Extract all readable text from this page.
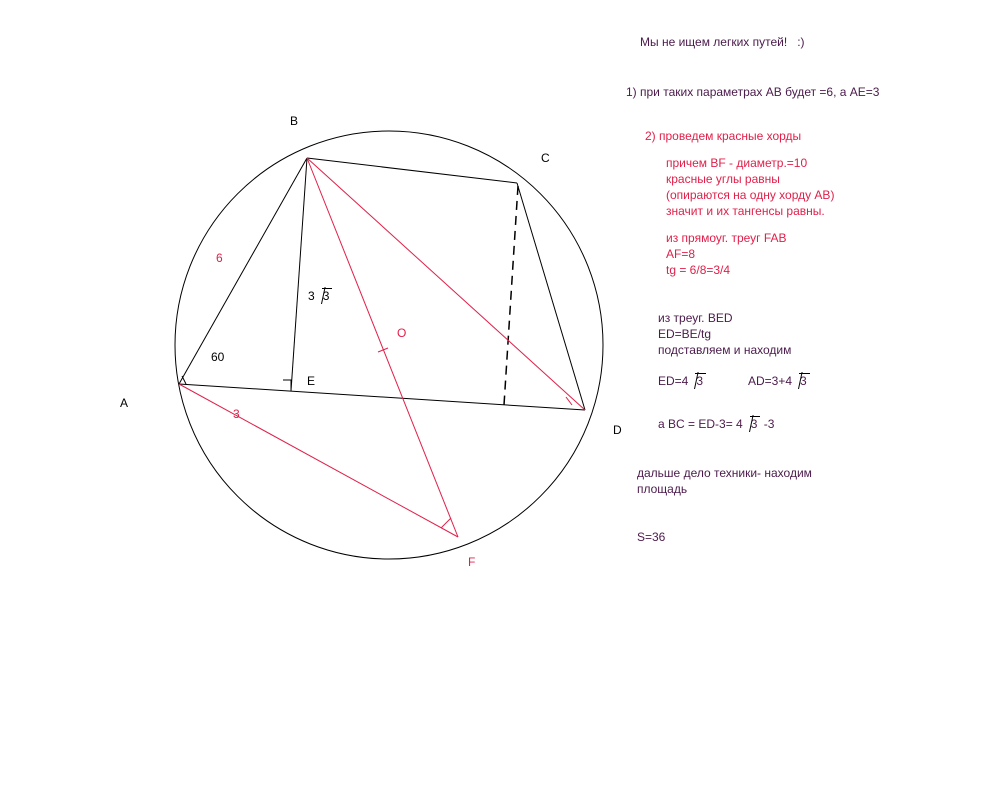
A
B
C
D
E
F
O
6
3
60
3 3
Мы не ищем легких путей! :)
1) при таких параметрах АВ будет =6, а АЕ=3
2) проведем красные хорды
причем BF - диаметр.=10
красные углы равны
(опираются на одну хорду АВ)
значит и их тангенсы равны.
из прямоуг. треуг FAB
AF=8
tg = 6/8=3/4
из треуг. BED
ED=BE/tg
подставляем и находим
ED=4 3	AD=3+4 3
а BC = ED-3= 4 3 -3
дальше дело техники- находим
площадь
S=36
